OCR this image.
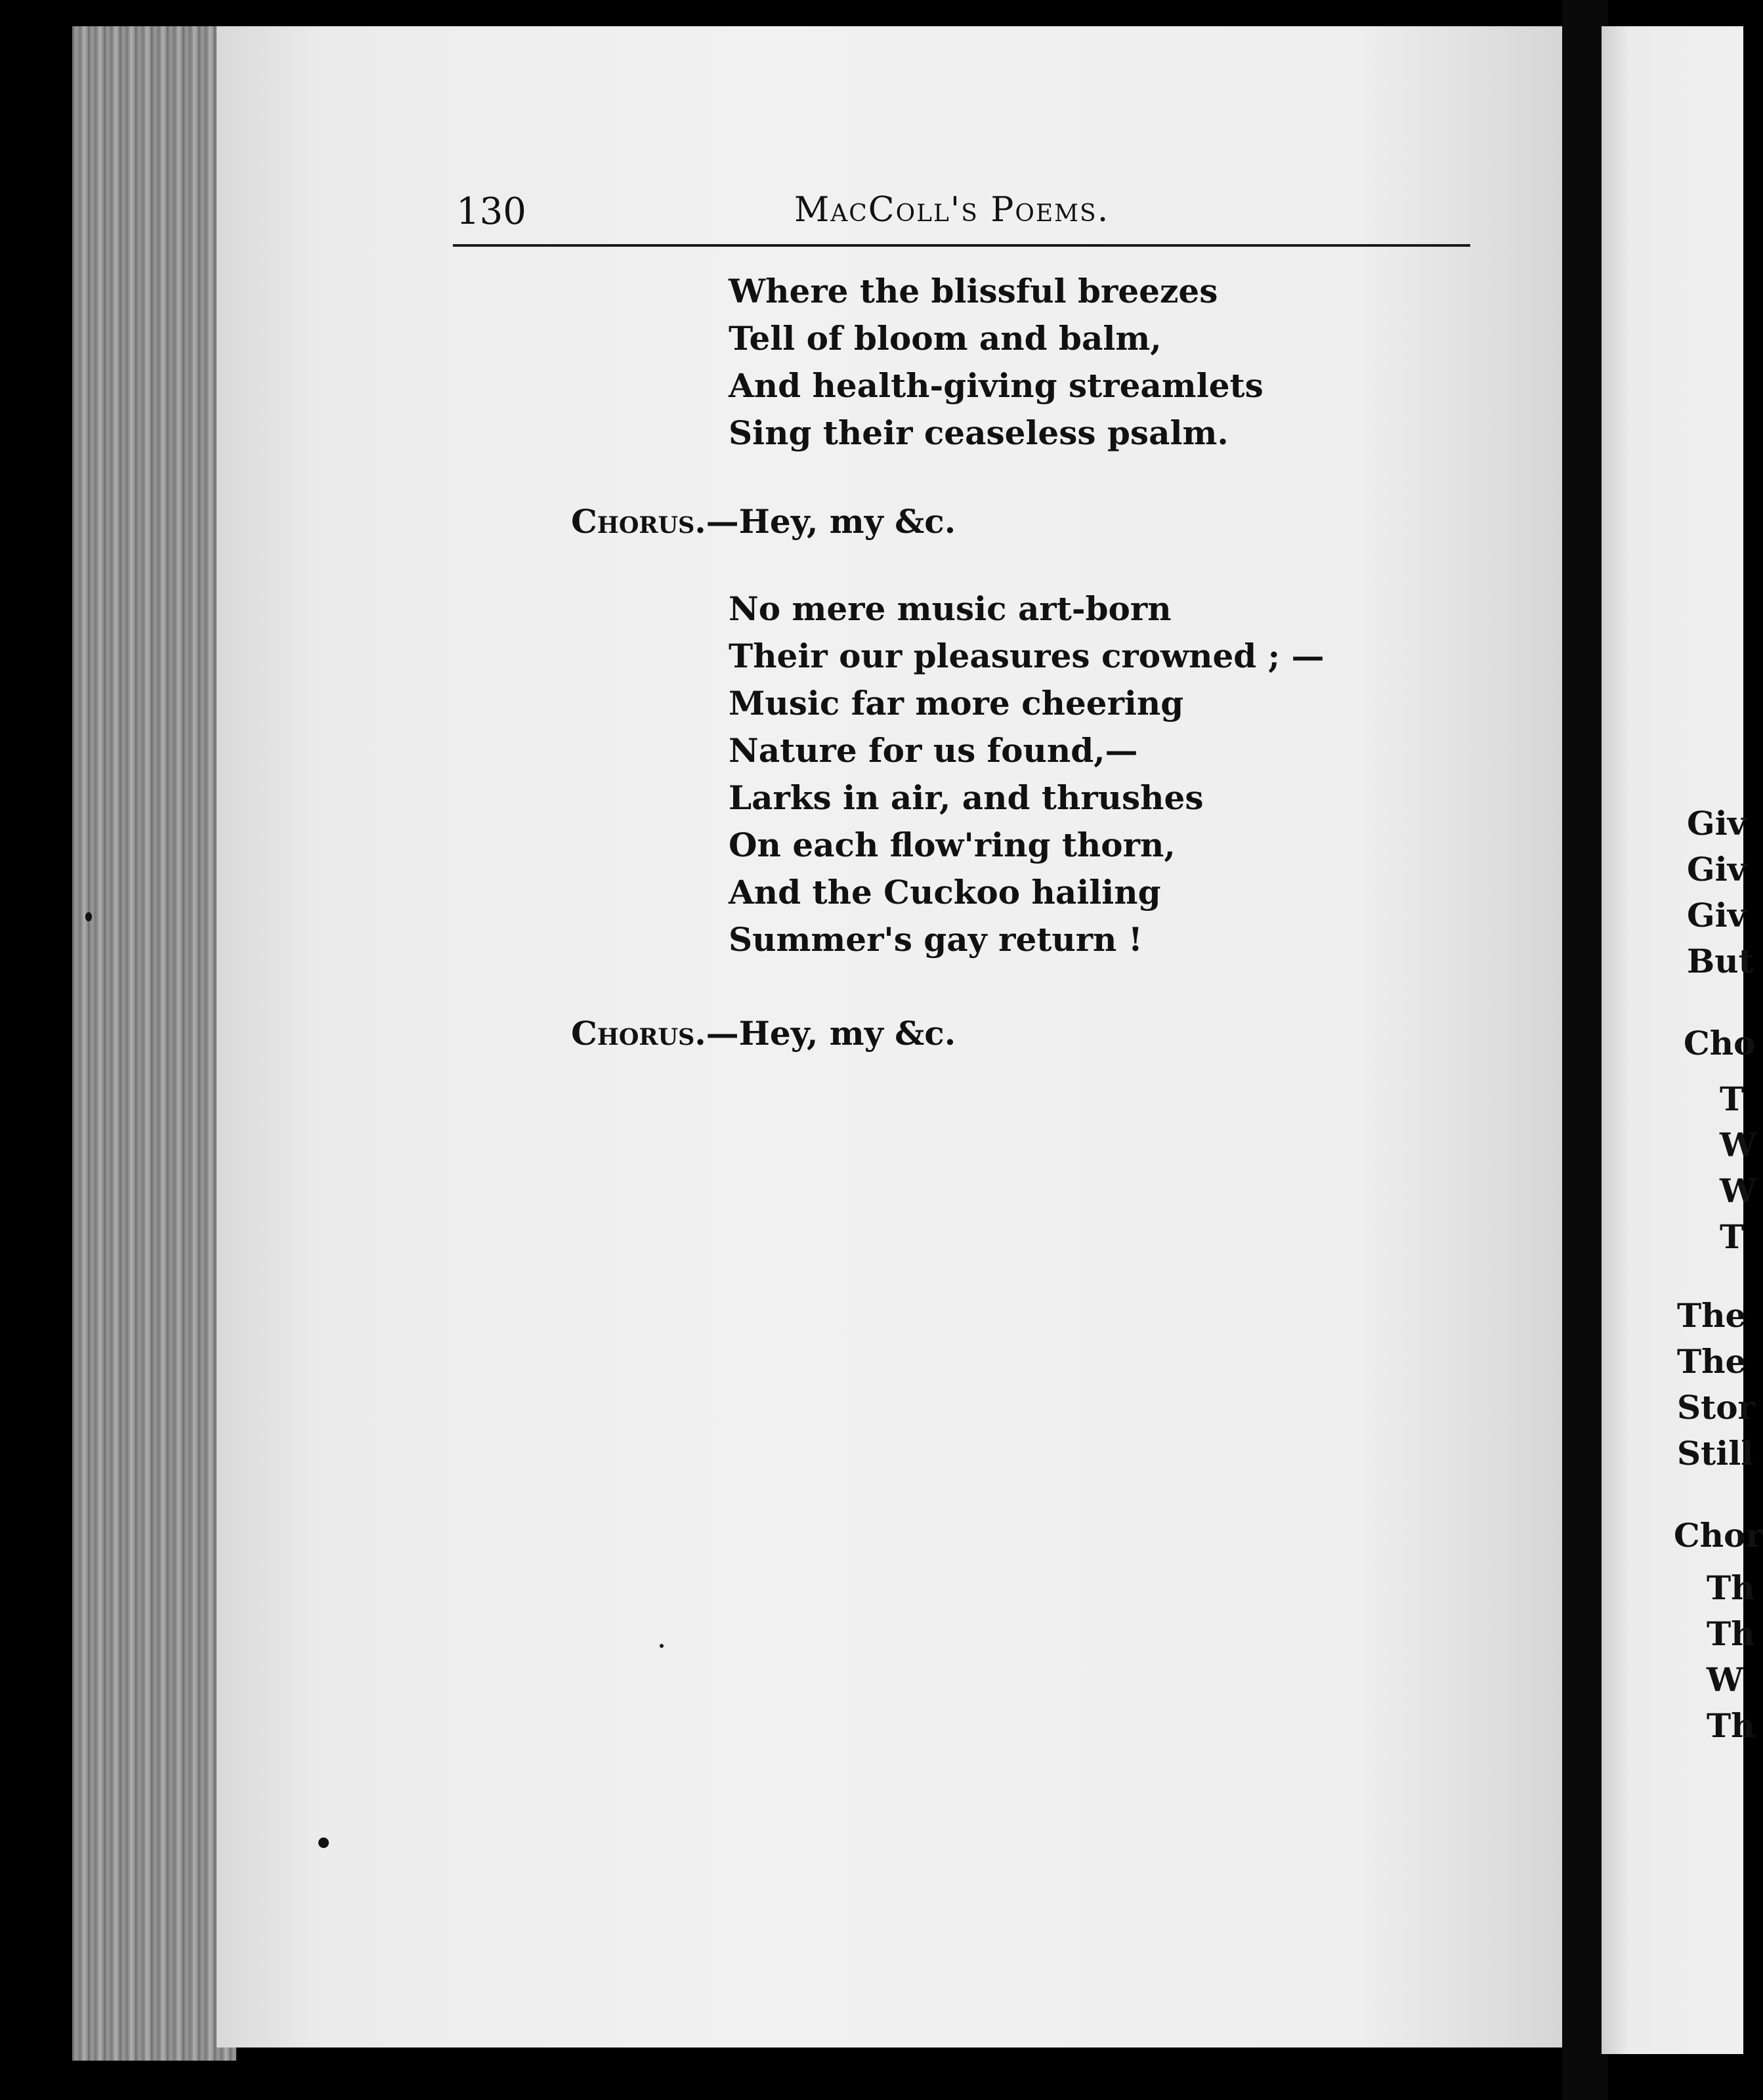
130	MacColl's Poems.
Where the blissful breezes
Tell of bloom and balm,
And health-giving streamlets
Sing their ceaseless psalm.
Chorus.—Hey, my &c.
No mere music art-born
Their our pleasures crowned ; —
Music far more cheering
Nature for us found,—
Larks in air, and thrushes
On each flow'ring thorn,
And the Cuckoo hailing
Summer's gay return !
Chorus.—Hey, my &c.
Giv
Giv
Giv
But
Cho
T
W
W
T
The
The
Stor
Still
Chor
Th
Th
W
Th
